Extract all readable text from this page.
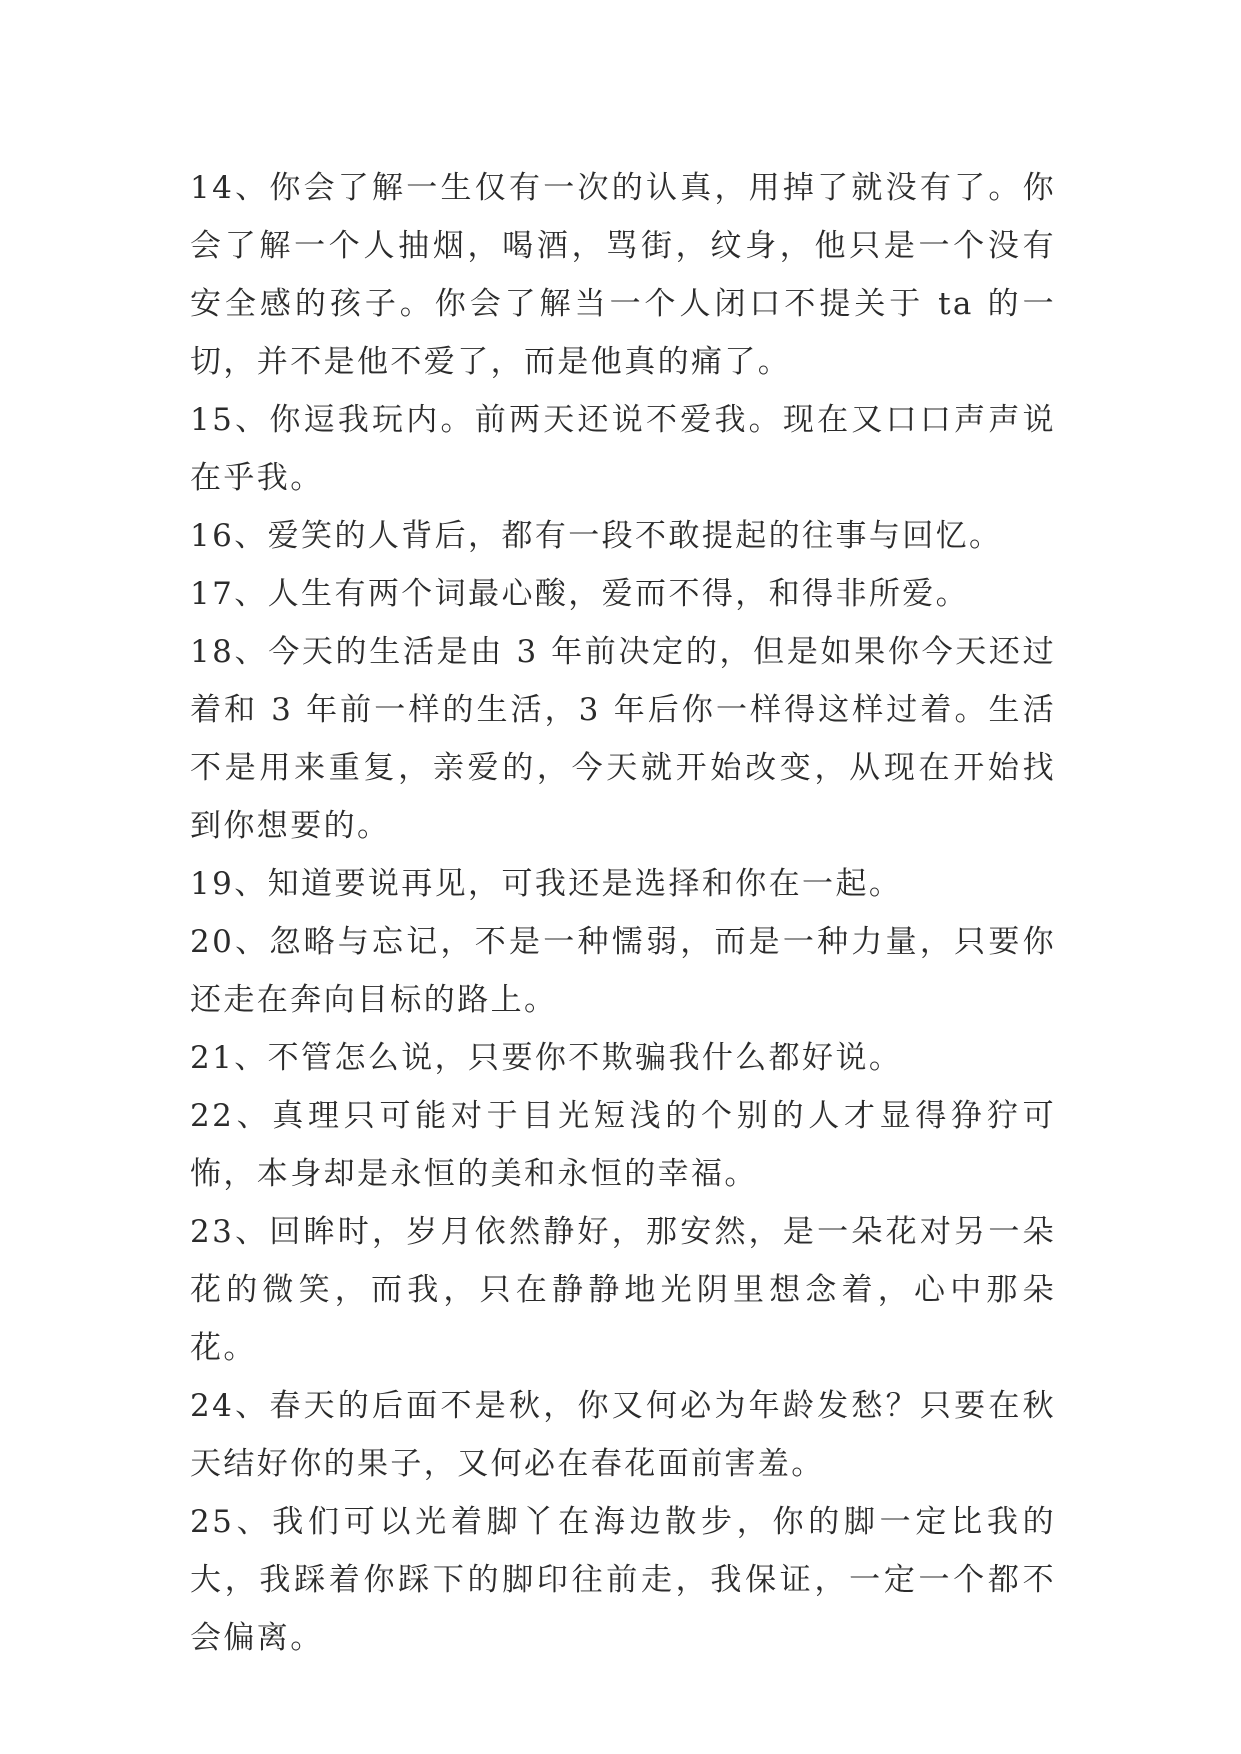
14、你会了解一生仅有一次的认真，用掉了就没有了。你会了解一个人抽烟，喝酒，骂街，纹身，他只是一个没有安全感的孩子。你会了解当一个人闭口不提关于 ta 的一切，并不是他不爱了，而是他真的痛了。

15、你逗我玩内。前两天还说不爱我。现在又口口声声说在乎我。

16、爱笑的人背后，都有一段不敢提起的往事与回忆。

17、人生有两个词最心酸，爱而不得，和得非所爱。

18、今天的生活是由 3 年前决定的，但是如果你今天还过着和 3 年前一样的生活，3 年后你一样得这样过着。生活不是用来重复，亲爱的，今天就开始改变，从现在开始找到你想要的。

19、知道要说再见，可我还是选择和你在一起。

20、忽略与忘记，不是一种懦弱，而是一种力量，只要你还走在奔向目标的路上。

21、不管怎么说，只要你不欺骗我什么都好说。

22、真理只可能对于目光短浅的个别的人才显得狰狞可怖，本身却是永恒的美和永恒的幸福。

23、回眸时，岁月依然静好，那安然，是一朵花对另一朵花的微笑，而我，只在静静地光阴里想念着，心中那朵花。

24、春天的后面不是秋，你又何必为年龄发愁？只要在秋天结好你的果子，又何必在春花面前害羞。

25、我们可以光着脚丫在海边散步，你的脚一定比我的大，我踩着你踩下的脚印往前走，我保证，一定一个都不会偏离。
